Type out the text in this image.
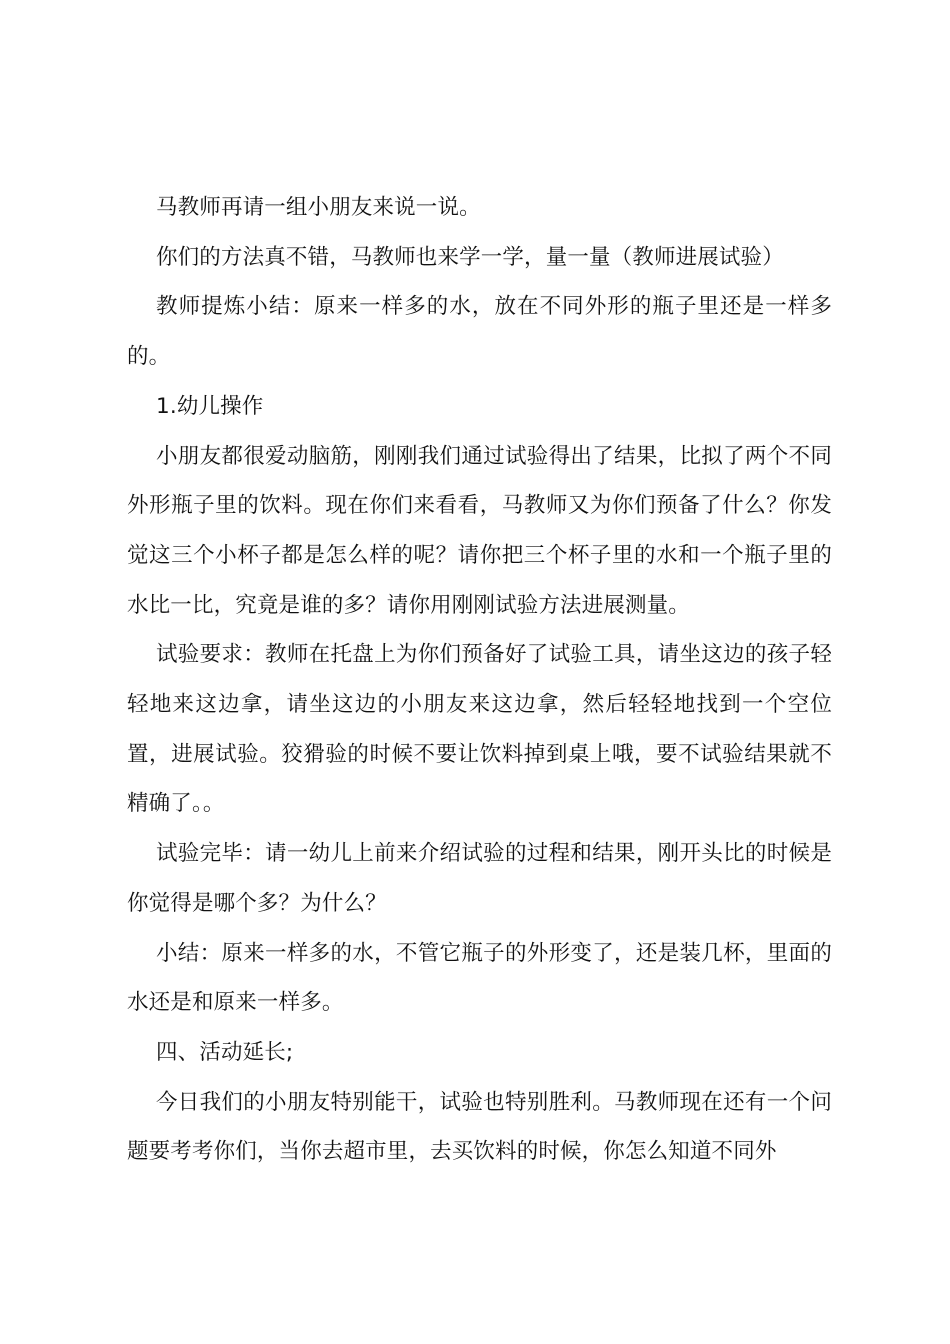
马教师再请一组小朋友来说一说。

你们的方法真不错，马教师也来学一学，量一量（教师进展试验）

教师提炼小结：原来一样多的水，放在不同外形的瓶子里还是一样多的。

1.幼儿操作

小朋友都很爱动脑筋，刚刚我们通过试验得出了结果，比拟了两个不同外形瓶子里的饮料。现在你们来看看，马教师又为你们预备了什么？你发觉这三个小杯子都是怎么样的呢？请你把三个杯子里的水和一个瓶子里的水比一比，究竟是谁的多？请你用刚刚试验方法进展测量。

试验要求：教师在托盘上为你们预备好了试验工具，请坐这边的孩子轻轻地来这边拿，请坐这边的小朋友来这边拿，然后轻轻地找到一个空位置，进展试验。狡猾验的时候不要让饮料掉到桌上哦，要不试验结果就不精确了。。

试验完毕：请一幼儿上前来介绍试验的过程和结果，刚开头比的时候是你觉得是哪个多？为什么？

小结：原来一样多的水，不管它瓶子的外形变了，还是装几杯，里面的水还是和原来一样多。

四、活动延长;

今日我们的小朋友特别能干，试验也特别胜利。马教师现在还有一个问题要考考你们，当你去超市里，去买饮料的时候，你怎么知道不同外
